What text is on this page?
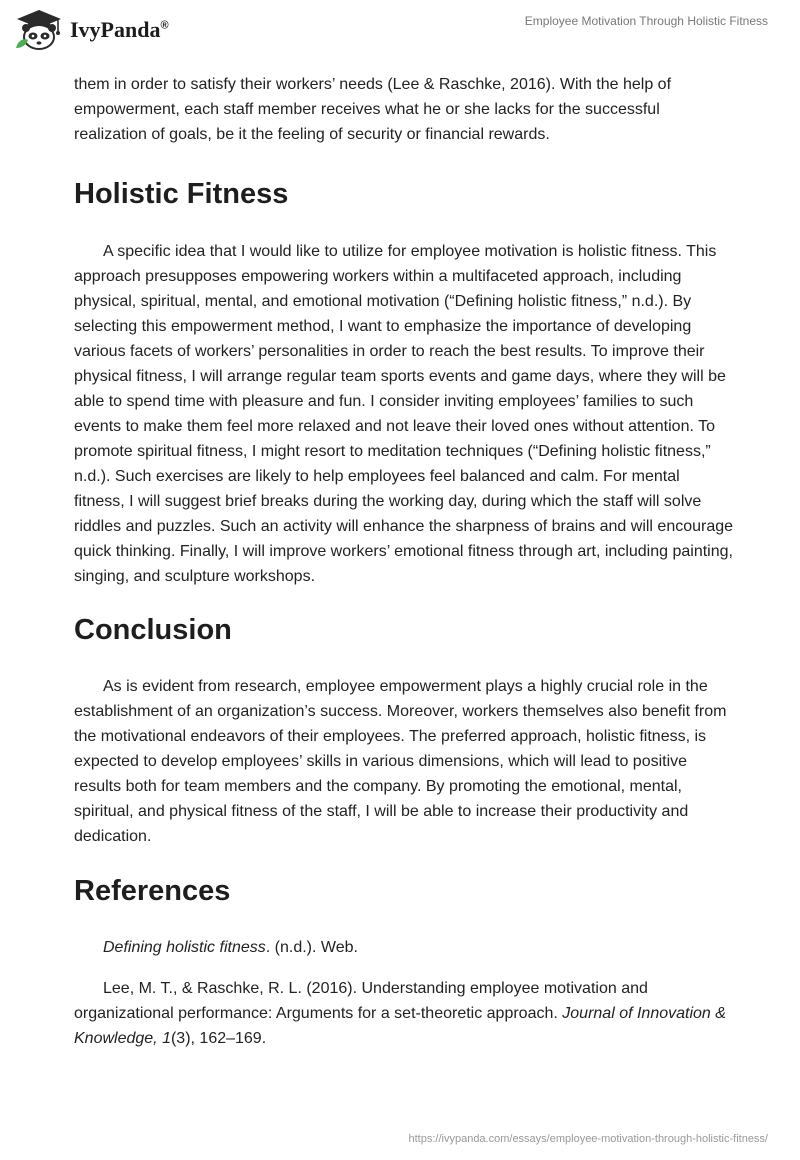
IvyPanda®	Employee Motivation Through Holistic Fitness

them in order to satisfy their workers’ needs (Lee & Raschke, 2016). With the help of empowerment, each staff member receives what he or she lacks for the successful realization of goals, be it the feeling of security or financial rewards.

Holistic Fitness

A specific idea that I would like to utilize for employee motivation is holistic fitness. This approach presupposes empowering workers within a multifaceted approach, including physical, spiritual, mental, and emotional motivation (“Defining holistic fitness,” n.d.). By selecting this empowerment method, I want to emphasize the importance of developing various facets of workers’ personalities in order to reach the best results. To improve their physical fitness, I will arrange regular team sports events and game days, where they will be able to spend time with pleasure and fun. I consider inviting employees’ families to such events to make them feel more relaxed and not leave their loved ones without attention. To promote spiritual fitness, I might resort to meditation techniques (“Defining holistic fitness,” n.d.). Such exercises are likely to help employees feel balanced and calm. For mental fitness, I will suggest brief breaks during the working day, during which the staff will solve riddles and puzzles. Such an activity will enhance the sharpness of brains and will encourage quick thinking. Finally, I will improve workers’ emotional fitness through art, including painting, singing, and sculpture workshops.

Conclusion

As is evident from research, employee empowerment plays a highly crucial role in the establishment of an organization’s success. Moreover, workers themselves also benefit from the motivational endeavors of their employees. The preferred approach, holistic fitness, is expected to develop employees’ skills in various dimensions, which will lead to positive results both for team members and the company. By promoting the emotional, mental, spiritual, and physical fitness of the staff, I will be able to increase their productivity and dedication.

References

Defining holistic fitness. (n.d.). Web.

Lee, M. T., & Raschke, R. L. (2016). Understanding employee motivation and organizational performance: Arguments for a set-theoretic approach. Journal of Innovation & Knowledge, 1(3), 162–169.

https://ivypanda.com/essays/employee-motivation-through-holistic-fitness/
